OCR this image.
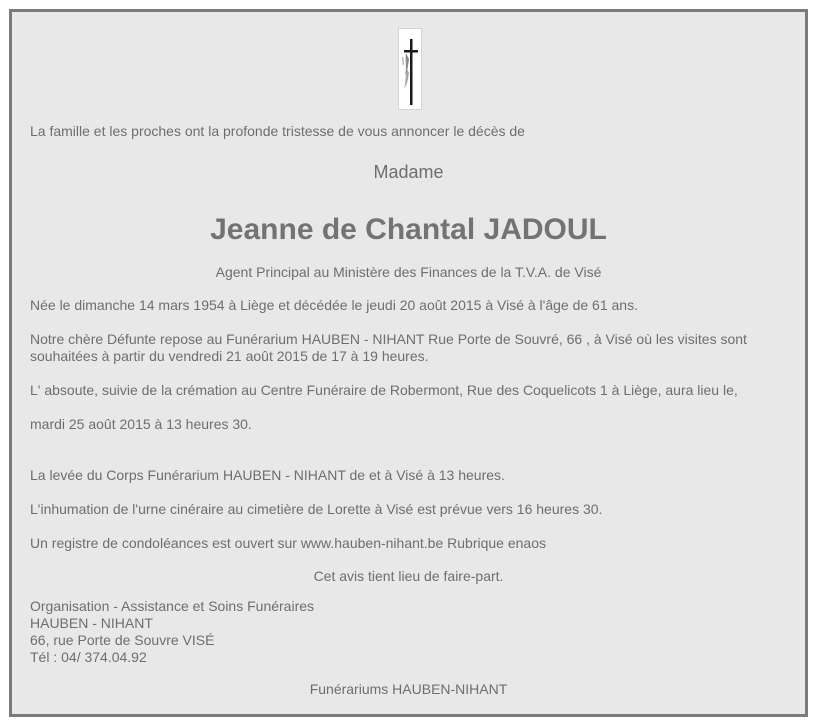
La famille et les proches ont la profonde tristesse de vous annoncer le décès de
Madame
Jeanne de Chantal JADOUL
Agent Principal au Ministère des Finances de la T.V.A. de Visé
Née le dimanche 14 mars 1954 à Liège et décédée le jeudi 20 août 2015 à Visé à l'âge de 61 ans.
Notre chère Défunte repose au Funérarium HAUBEN - NIHANT Rue Porte de Souvré, 66 , à Visé où les visites sont
souhaitées à partir du vendredi 21 août 2015 de 17 à 19 heures.
L' absoute, suivie de la crémation au Centre Funéraire de Robermont, Rue des Coquelicots 1 à Liège, aura lieu le,
mardi 25 août 2015 à 13 heures 30.
La levée du Corps Funérarium HAUBEN - NIHANT de et à Visé à 13 heures.
L'inhumation de l'urne cinéraire au cimetière de Lorette à Visé est prévue vers 16 heures 30.
Un registre de condoléances est ouvert sur www.hauben-nihant.be Rubrique enaos
Cet avis tient lieu de faire-part.
Organisation - Assistance et Soins Funéraires
HAUBEN - NIHANT
66, rue Porte de Souvre VISÉ
Tél : 04/ 374.04.92
Funérariums HAUBEN-NIHANT
